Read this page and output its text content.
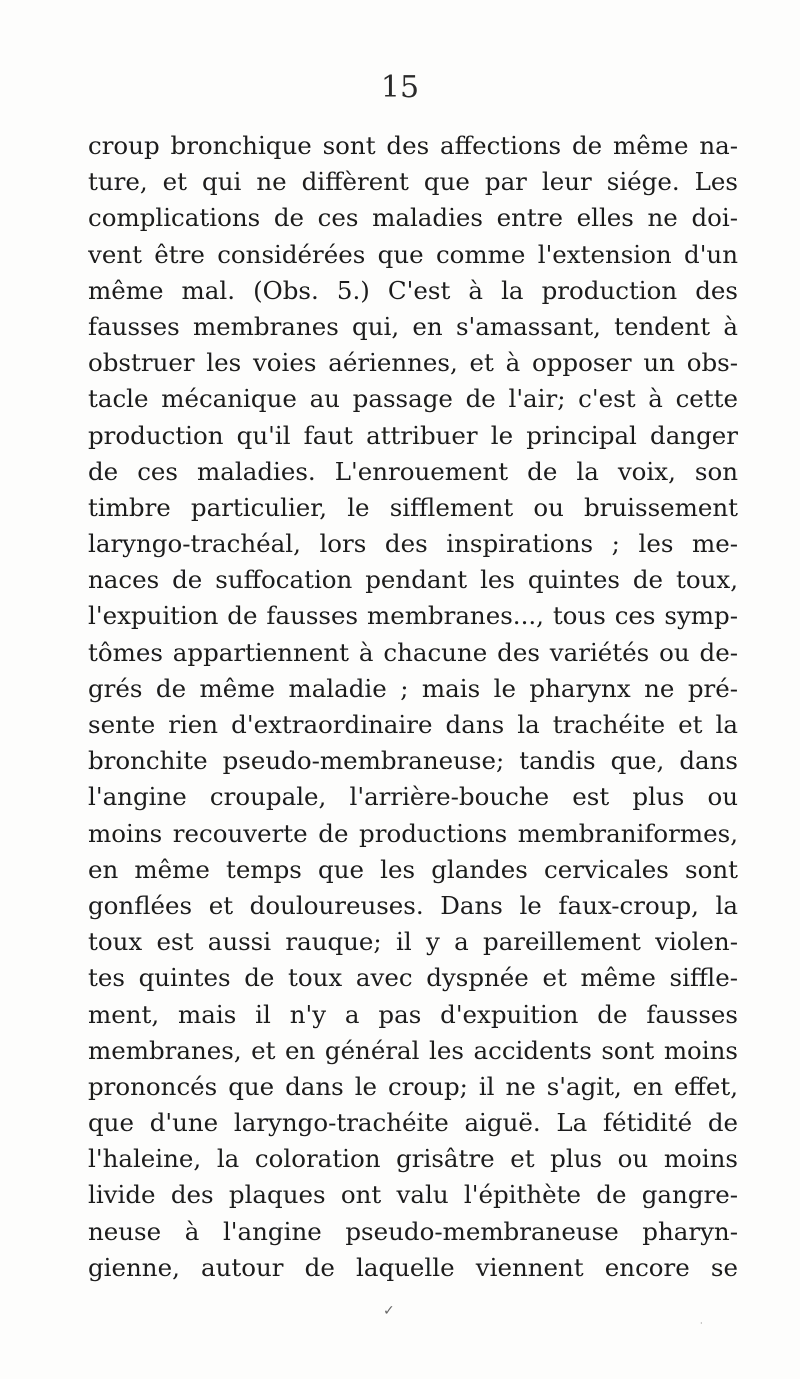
15
croup bronchique sont des affections de même na-
ture, et qui ne diffèrent que par leur siége. Les
complications de ces maladies entre elles ne doi-
vent être considérées que comme l'extension d'un
même mal. (Obs. 5.) C'est à la production des
fausses membranes qui, en s'amassant, tendent à
obstruer les voies aériennes, et à opposer un obs-
tacle mécanique au passage de l'air; c'est à cette
production qu'il faut attribuer le principal danger
de ces maladies. L'enrouement de la voix, son
timbre particulier, le sifflement ou bruissement
laryngo-trachéal, lors des inspirations ; les me-
naces de suffocation pendant les quintes de toux,
l'expuition de fausses membranes..., tous ces symp-
tômes appartiennent à chacune des variétés ou de-
grés de même maladie ; mais le pharynx ne pré-
sente rien d'extraordinaire dans la trachéite et la
bronchite pseudo-membraneuse; tandis que, dans
l'angine croupale, l'arrière-bouche est plus ou
moins recouverte de productions membraniformes,
en même temps que les glandes cervicales sont
gonflées et douloureuses. Dans le faux-croup, la
toux est aussi rauque; il y a pareillement violen-
tes quintes de toux avec dyspnée et même siffle-
ment, mais il n'y a pas d'expuition de fausses
membranes, et en général les accidents sont moins
prononcés que dans le croup; il ne s'agit, en effet,
que d'une laryngo-trachéite aiguë. La fétidité de
l'haleine, la coloration grisâtre et plus ou moins
livide des plaques ont valu l'épithète de gangre-
neuse à l'angine pseudo-membraneuse pharyn-
gienne, autour de laquelle viennent encore se
✓
·
